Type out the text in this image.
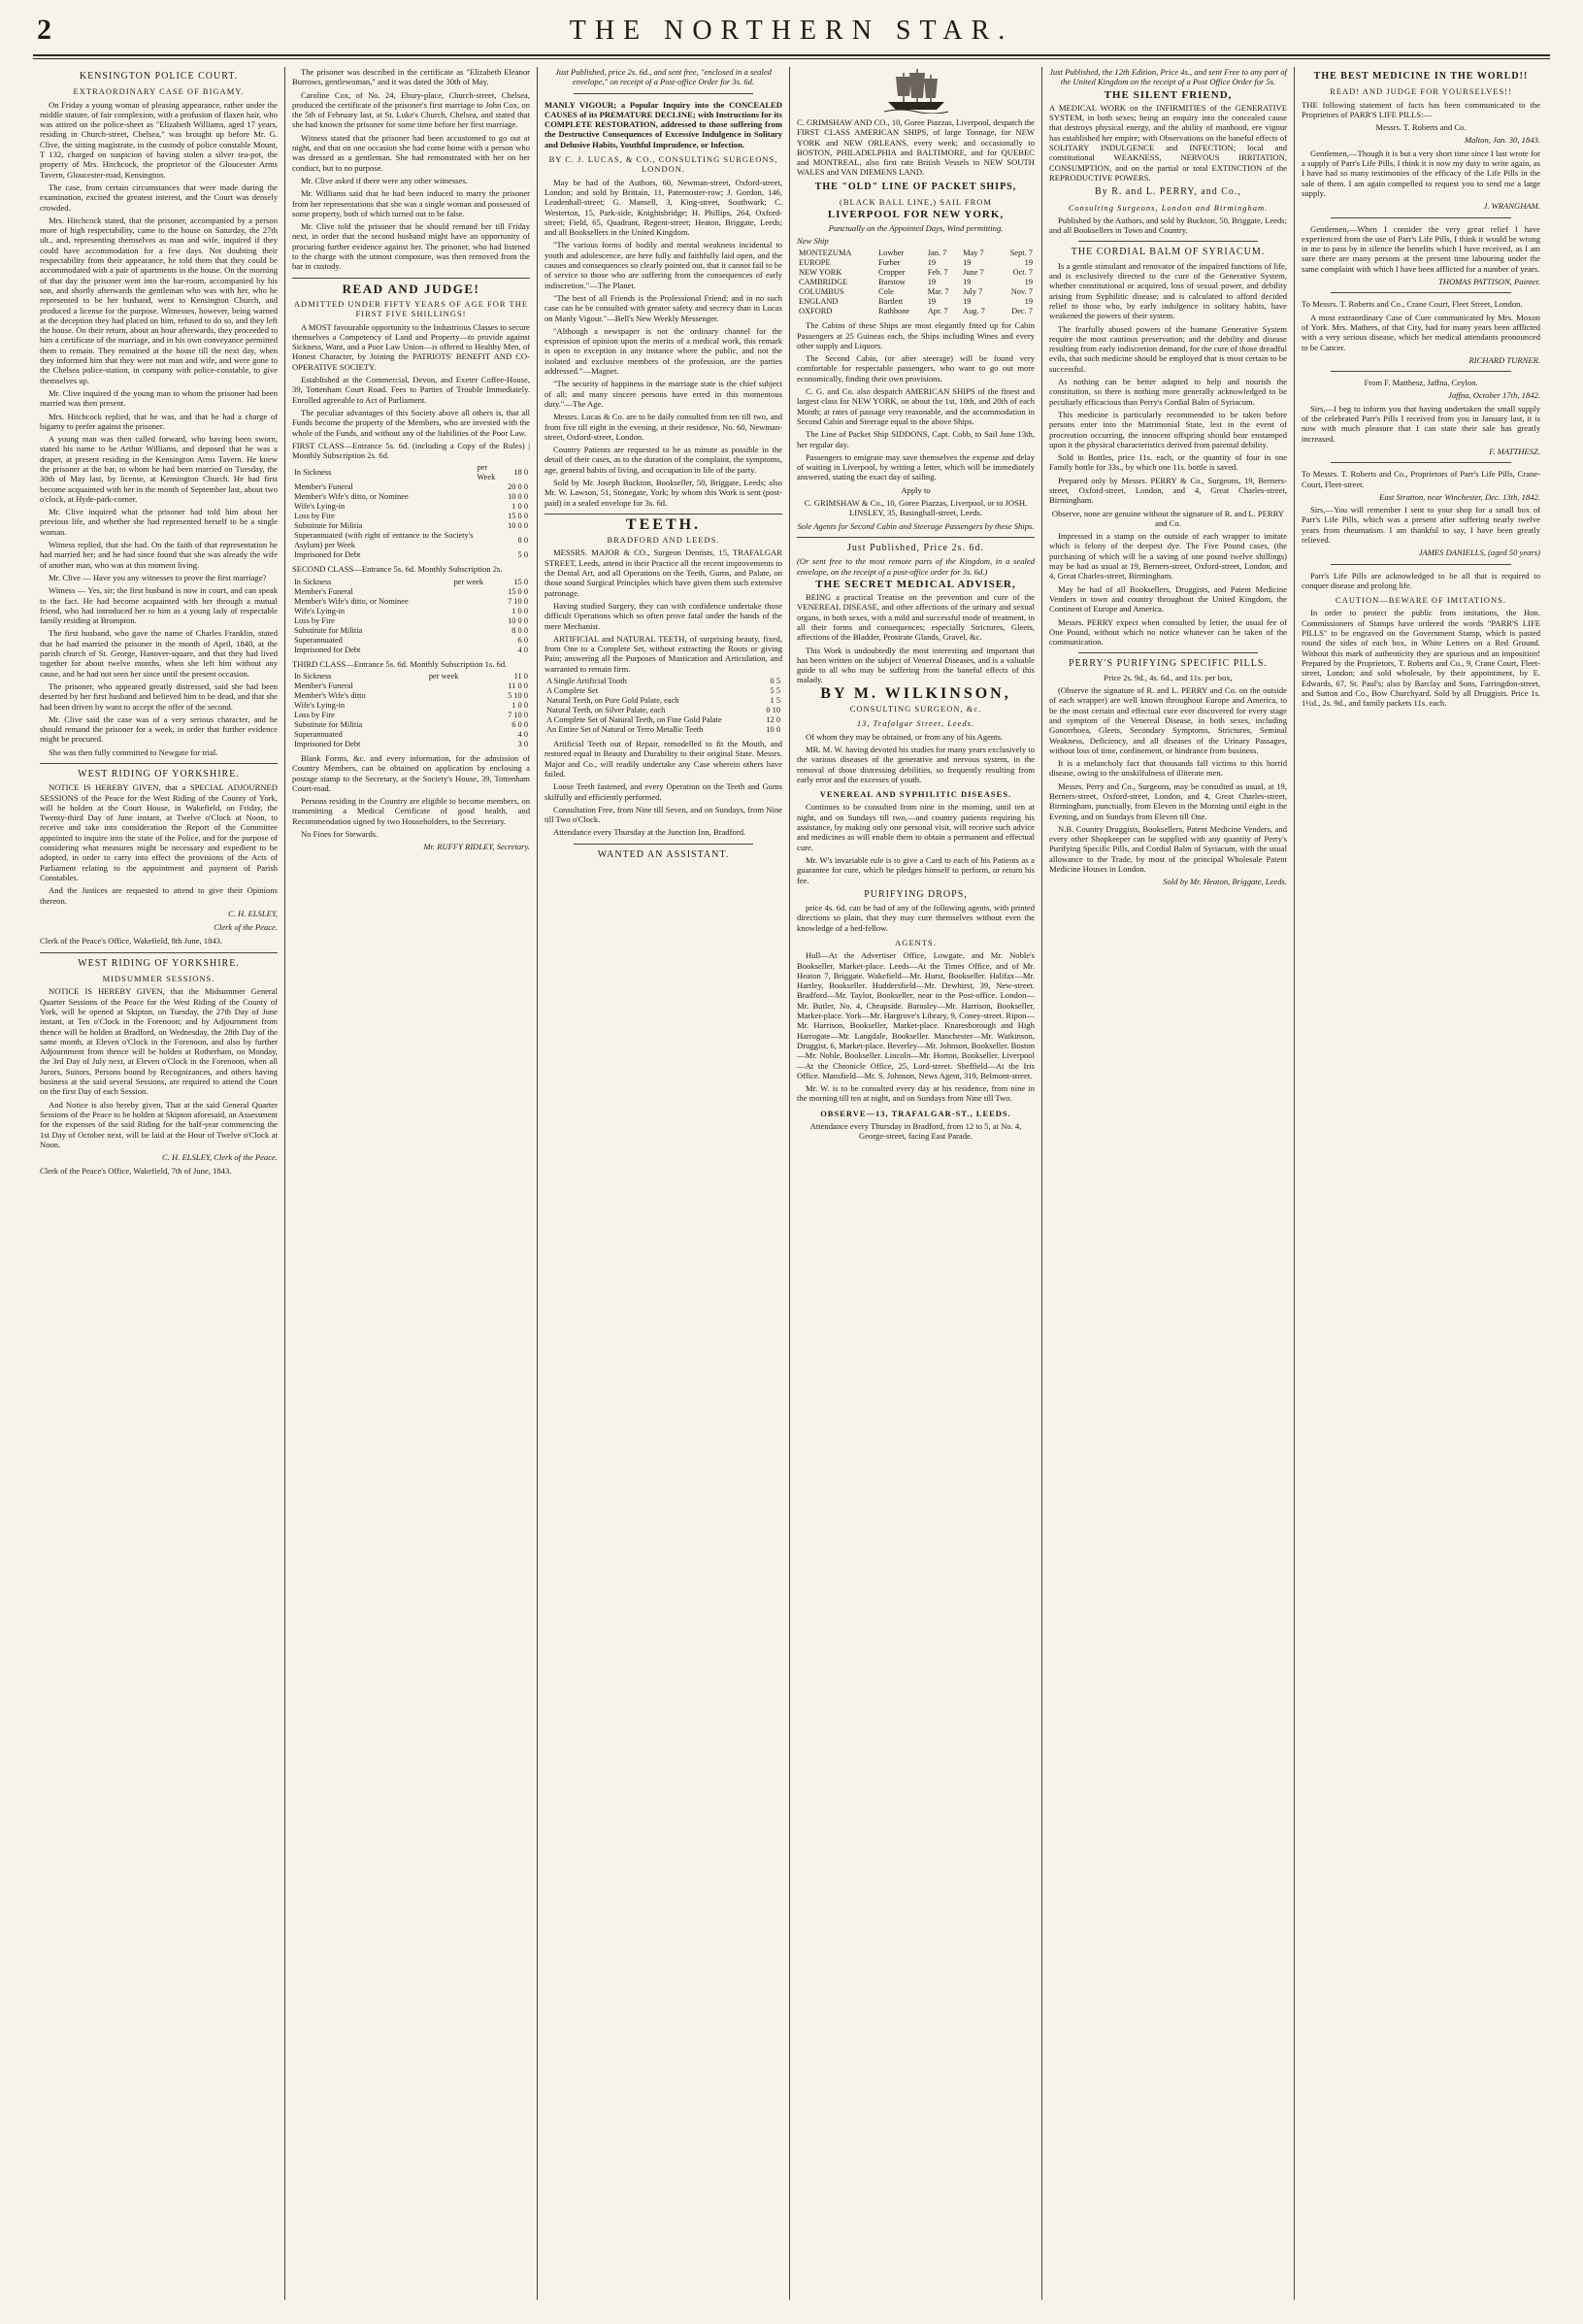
2	THE NORTHERN STAR.
KENSINGTON POLICE COURT.
EXTRAORDINARY CASE OF BIGAMY.

On Friday a young woman of pleasing appearance, rather under the middle stature, of fair complexion, with a profusion of flaxen hair, who was attired on the police-sheet as "Elizabeth Williams, aged 17 years, residing in Church-street, Chelsea," was brought up before Mr. G. Clive, the sitting magistrate, in the custody of police constable Mount, T 132, charged on suspicion of having stolen a silver tea-pot, the property of Mrs. Hitchcock, the proprietor of the Gloucester Arms Tavern, Gloucester-road, Kensington.

The case, from certain circumstances that were made during the examination, excited the greatest interest, and the Court was densely crowded.

Mrs. Hitchcock stated, that the prisoner, accompanied by a person more of high respectability, came to the house on Saturday, the 27th ult., and, representing themselves as man and wife, inquired if they could have accommodation for a few days. Not doubting their respectability from their appearance, he told them that they could be accommodated with a pair of apartments in the house. On the morning of that day the prisoner went into the bar-room, accompanied by his son, and shortly afterwards the gentleman who was with her, who he represented to be her husband, went to Kensington Church, and produced a license for the purpose. Witnesses, however, being warned at the deception they had placed on him, refused to do so, and they left the house. On their return, about an hour afterwards, they proceeded to him a certificate of the marriage, and in his own conveyance permitted them to remain. They remained at the house till the next day, when they informed him that they were not man and wife, and were gone to the Chelsea police-station, in company with police-constable, to give themselves up.

Mr. Clive inquired if the young man to whom the prisoner had been married was then present.

Mrs. Hitchcock replied, that he was, and that he had a charge of bigamy to prefer against the prisoner.

A young man was then called forward, who having been sworn, stated his name to be Arthur Williams, and deposed that he was a draper, at present residing in the Kensington Arms Tavern. He knew the prisoner at the bar, to whom he had been married on Tuesday, the 30th of May last, by license, at Kensington Church. He had first become acquainted with her in the month of September last, about two o'clock, at Hyde-park-corner.

Mr. Clive inquired what the prisoner had told him about her previous life, and whether she had represented herself to be a single woman.

Witness replied, that she had. On the faith of that representation he had married her; and he had since found that she was already the wife of another man, who was at this moment living.

Mr. Clive — Have you any witnesses to prove the first marriage?

Witness — Yes, sir; the first husband is now in court, and can speak to the fact. He had become acquainted with her through a mutual friend, who had introduced her to him as a young lady of respectable family residing at Brompton.

The first husband, who gave the name of Charles Franklin, stated that he had married the prisoner in the month of April, 1840, at the parish church of St. George, Hanover-square, and that they had lived together for about twelve months, when she left him without any cause, and he had not seen her since until the present occasion.

The prisoner, who appeared greatly distressed, said she had been deserted by her first husband and believed him to be dead, and that she had been driven by want to accept the offer of the second.

Mr. Clive said the case was of a very serious character, and he should remand the prisoner for a week, in order that further evidence might be procured.

She was then fully committed to Newgate for trial.

WEST RIDING OF YORKSHIRE.

NOTICE IS HEREBY GIVEN, that a SPECIAL ADJOURNED SESSIONS of the Peace for the West Riding of the County of York, will be holden at the Court House, in Wakefield, on Friday, the Twenty-third Day of June instant, at Twelve o'Clock at Noon, to receive and take into consideration the Report of the Committee appointed to inquire into the state of the Police, and for the purpose of considering what measures might be necessary and expedient to be adopted, in order to carry into effect the provisions of the Acts of Parliament relating to the appointment and payment of Parish Constables.

And the Justices are requested to attend to give their Opinions thereon.

C. H. ELSLEY,
Clerk of the Peace.

Clerk of the Peace's Office, Wakefield, 8th June, 1843.

WEST RIDING OF YORKSHIRE.
MIDSUMMER SESSIONS.

NOTICE IS HEREBY GIVEN, that the Midsummer General Quarter Sessions of the Peace for the West Riding of the County of York, will be opened at Skipton, on Tuesday, the 27th Day of June instant, at Ten o'Clock in the Forenoon; and by Adjournment from thence will be holden at Bradford, on Wednesday, the 28th Day of the same month, at Eleven o'Clock in the Forenoon, and also by further Adjournment from thence will be holden at Rotherham, on Monday, the 3rd Day of July next, at Eleven o'Clock in the Forenoon, when all Jurors, Suitors, Persons bound by Recognizances, and others having business at the said several Sessions, are required to attend the Court on the first Day of each Session.

And Notice is also hereby given, That at the said General Quarter Sessions of the Peace to be holden at Skipton aforesaid, an Assessment for the expenses of the said Riding for the half-year commencing the 1st Day of October next, will be laid at the Hour of Twelve o'Clock at Noon.

C. H. ELSLEY, Clerk of the Peace.

Clerk of the Peace's Office, Wakefield, 7th of June, 1843.

The prisoner was described in the certificate as "Elizabeth Eleanor Burrows, gentlewoman," and it was dated the 30th of May.

Caroline Cox, of No. 24, Ebury-place, Church-street, Chelsea, produced the certificate of the prisoner's first marriage to John Cox, on the 5th of February last, at St. Luke's Church, Chelsea, and stated that she had known the prisoner for some time before her first marriage.

Witness stated that the prisoner had been accustomed to go out at night, and that on one occasion she had come home with a person who was dressed as a gentleman. She had remonstrated with her on her conduct, but to no purpose.

Mr. Clive asked if there were any other witnesses.

Mr. Williams said that he had been induced to marry the prisoner from her representations that she was a single woman and possessed of some property, both of which turned out to be false.

Mr. Clive told the prisoner that he should remand her till Friday next, in order that the second husband might have an opportunity of procuring further evidence against her. The prisoner, who had listened to the charge with the utmost composure, was then removed from the bar in custody.

READ AND JUDGE!
ADMITTED UNDER FIFTY YEARS OF AGE FOR THE FIRST FIVE SHILLINGS!

A MOST favourable opportunity to the Industrious Classes to secure themselves a Competency of Land and Property—to provide against Sickness, Want, and a Poor Law Union—is offered to Healthy Men, of Honest Character, by Joining the PATRIOTS' BENEFIT AND CO-OPERATIVE SOCIETY.

Established at the Commercial, Devon, and Exeter Coffee-House, 39, Tottenham Court Road. Fees to Parties of Trouble Immediately. Enrolled agreeable to Act of Parliament.

The peculiar advantages of this Society above all others is, that all Funds become the property of the Members, who are invested with the whole of the Funds, and without any of the liabilities of the Poor Law.

FIRST CLASS—Entrance 5s. 6d. (including a Copy of the Rules) | Monthly Subscription 2s. 6d.

In Sickness	per Week	18 0
Member's Funeral		20 0 0
Member's Wife's ditto, or Nominee		10 0 0
Wife's Lying-in		1 0 0
Loss by Fire		15 0 0
Substitute for Militia		10 0 0
Superannuated (with right of entrance to the Society's Asylum) per Week		8 0
Imprisoned for Debt		5 0

SECOND CLASS—Entrance 5s. 6d. Monthly Subscription 2s.

In Sickness	per week	15 0
Member's Funeral		15 0 0
Member's Wife's ditto, or Nominee		7 10 0
Wife's Lying-in		1 0 0
Loss by Fire		10 0 0
Substitute for Militia		8 0 0
Superannuated		6 0
Imprisoned for Debt		4 0

THIRD CLASS—Entrance 5s. 6d. Monthly Subscription 1s. 6d.

In Sickness	per week	11 0
Member's Funeral		11 0 0
Member's Wife's ditto		5 10 0
Wife's Lying-in		1 0 0
Loss by Fire		7 10 0
Substitute for Militia		6 0 0
Superannuated		4 0
Imprisoned for Debt		3 0

Blank Forms, &c. and every information, for the admission of Country Members, can be obtained on application by enclosing a postage stamp to the Secretary, at the Society's House, 39, Tottenham Court-road.

Persons residing in the Country are eligible to become members, on transmitting a Medical Certificate of good health, and Recommendation signed by two Householders, to the Secretary.

No Fines for Stewards.

Mr. RUFFY RIDLEY, Secretary.

Just Published, price 2s. 6d., and sent free, "enclosed in a sealed envelope," on receipt of a Post-office Order for 3s. 6d.

MANLY VIGOUR; a Popular Inquiry into the CONCEALED CAUSES of its PREMATURE DECLINE; with Instructions for its COMPLETE RESTORATION, addressed to those suffering from the Destructive Consequences of Excessive Indulgence in Solitary and Delusive Habits, Youthful Imprudence, or Infection.

BY C. J. LUCAS, & CO., CONSULTING SURGEONS, LONDON.

May be had of the Authors, 60, Newman-street, Oxford-street, London; and sold by Brittain, 11, Paternoster-row; J. Gordon, 146, Leadenhall-street; G. Mansell, 3, King-street, Southwark; C. Westerton, 15, Park-side, Knightsbridge; H. Phillips, 264, Oxford-street; Field, 65, Quadrant, Regent-street; Heaton, Briggate, Leeds; and all Booksellers in the United Kingdom.

"The various forms of bodily and mental weakness incidental to youth and adolescence, are here fully and faithfully laid open, and the causes and consequences so clearly pointed out, that it cannot fail to be of service to those who are suffering from the consequences of early indiscretion."—The Planet.

"The best of all Friends is the Professional Friend; and in no such case can he be consulted with greater safety and secrecy than in Lucas on Manly Vigour."—Bell's New Weekly Messenger.

"Although a newspaper is not the ordinary channel for the expression of opinion upon the merits of a medical work, this remark is open to exception in any instance where the public, and not the isolated and exclusive members of the profession, are the parties addressed."—Magnet.

"The security of happiness in the marriage state is the chief subject of all; and many sincere persons have erred in this momentous duty."—The Age.

Messrs. Lucas & Co. are to be daily consulted from ten till two, and from five till eight in the evening, at their residence, No. 60, Newman-street, Oxford-street, London.

Country Patients are requested to be as minute as possible in the detail of their cases, as to the duration of the complaint, the symptoms, age, general habits of living, and occupation in life of the party.

Sold by Mr. Joseph Buckton, Bookseller, 50, Briggate, Leeds; also Mr. W. Lawson, 51, Stonegate, York; by whom this Work is sent (post-paid) in a sealed envelope for 3s. 6d.

TEETH.
BRADFORD AND LEEDS.

MESSRS. MAJOR & CO., Surgeon Dentists, 15, TRAFALGAR STREET, Leeds, attend in their Practice all the recent improvements to the Dental Art, and all Operations on the Teeth, Gums, and Palate, on those sound Surgical Principles which have given them such extensive patronage.

Having studied Surgery, they can with confidence undertake those difficult Operations which so often prove fatal under the hands of the mere Mechanist.

ARTIFICIAL and NATURAL TEETH, of surprising beauty, fixed, from One to a Complete Set, without extracting the Roots or giving Pain; answering all the Purposes of Mastication and Articulation, and warranted to remain firm.

A Single Artificial Tooth	0 5
A Complete Set	5 5
Natural Teeth, on Pure Gold Palate, each	1 5
Natural Teeth, on Silver Palate, each	0 10
A Complete Set of Natural Teeth, on Fine Gold Palate	12 0
An Entire Set of Natural or Terro Metallic Teeth	10 0

Artificial Teeth out of Repair, remodelled to fit the Mouth, and restored equal in Beauty and Durability to their original State. Messrs. Major and Co., will readily undertake any Case wherein others have failed.

Loose Teeth fastened, and every Operation on the Teeth and Gums skilfully and efficiently performed.

Consultation Free, from Nine till Seven, and on Sundays, from Nine till Two o'Clock.

Attendance every Thursday at the Junction Inn, Bradford.

WANTED AN ASSISTANT.

C. GRIMSHAW AND CO., 10, Goree Piazzas, Liverpool, despatch the FIRST CLASS AMERICAN SHIPS, of large Tonnage, for NEW YORK and NEW ORLEANS, every week; and occasionally to BOSTON, PHILADELPHIA and BALTIMORE, and for QUEBEC and MONTREAL, also first rate British Vessels to NEW SOUTH WALES and VAN DIEMENS LAND.

THE "OLD" LINE OF PACKET SHIPS,
(BLACK BALL LINE,) SAIL FROM
LIVERPOOL FOR NEW YORK,

Punctually on the Appointed Days, Wind permitting.

New Ship

MONTEZUMA	Lowber	Jan. 7	May 7	Sept. 7
EUROPE	Furber	19	19	19
NEW YORK	Cropper	Feb. 7	June 7	Oct. 7
CAMBRIDGE	Barstow	19	19	19
COLUMBUS	Cole	Mar. 7	July 7	Nov. 7
ENGLAND	Bartlett	19	19	19
OXFORD	Rathbone	Apr. 7	Aug. 7	Dec. 7

The Cabins of these Ships are most elegantly fitted up for Cabin Passengers at 25 Guineas each, the Ships including Wines and every other supply and Liquors.

The Second Cabin, (or after steerage) will be found very comfortable for respectable passengers, who want to go out more economically, finding their own provisions.

C. G. and Co. also despatch AMERICAN SHIPS of the finest and largest class for NEW YORK, on about the 1st, 10th, and 20th of each Month; at rates of passage very reasonable, and the accommodation in Second Cabin and Steerage equal to the above Ships.

The Line of Packet Ship SIDDONS, Capt. Cobb, to Sail June 13th, her regular day.

Passengers to emigrate may save themselves the expense and delay of waiting in Liverpool, by writing a letter, which will be immediately answered, stating the exact day of sailing.

Apply to

C. GRIMSHAW & Co., 10, Goree Piazzas, Liverpool, or to JOSH. LINSLEY, 35, Basinghall-street, Leeds.

Sole Agents for Second Cabin and Steerage Passengers by these Ships.

Just Published, Price 2s. 6d.

(Or sent free to the most remote parts of the Kingdom, in a sealed envelope, on the receipt of a post-office order for 3s. 6d.)

THE SECRET MEDICAL ADVISER,

BEING a practical Treatise on the prevention and cure of the VENEREAL DISEASE, and other affections of the urinary and sexual organs, in both sexes, with a mild and successful mode of treatment, in all their forms and consequences; especially Strictures, Gleets, affections of the Bladder, Prostrate Glands, Gravel, &c.

This Work is undoubtedly the most interesting and important that has been written on the subject of Venereal Diseases, and is a valuable guide to all who may be suffering from the baneful effects of this malady.

BY M. WILKINSON,
CONSULTING SURGEON, &c.
13, Trafalgar Street, Leeds.

Of whom they may be obtained, or from any of his Agents.

MR. M. W. having devoted his studies for many years exclusively to the various diseases of the generative and nervous system, in the removal of those distressing debilities, so frequently resulting from early error and the excesses of youth.

VENEREAL AND SYPHILITIC DISEASES.

Continues to be consulted from nine in the morning, until ten at night, and on Sundays till two,—and country patients requiring his assistance, by making only one personal visit, will receive such advice and medicines as will enable them to obtain a permanent and effectual cure.

Mr. W's invariable rule is to give a Card to each of his Patients as a guarantee for cure, which he pledges himself to perform, or return his fee.

PURIFYING DROPS,

price 4s. 6d. can be had of any of the following agents, with printed directions so plain, that they may cure themselves without even the knowledge of a bed-fellow.

AGENTS.

Hull—At the Advertiser Office, Lowgate, and Mr. Noble's Bookseller, Market-place. Leeds—At the Times Office, and of Mr. Heaton 7, Briggate. Wakefield—Mr. Hurst, Bookseller. Halifax—Mr. Hartley, Bookseller. Huddersfield—Mr. Dewhirst, 39, New-street. Bradford—Mr. Taylor, Bookseller, near to the Post-office. London—Mr. Butler, No. 4, Cheapside. Barnsley—Mr. Harrison, Bookseller, Market-place. York—Mr. Hargrove's Library, 9, Coney-street. Ripon—Mr. Harrison, Bookseller, Market-place. Knaresborough and High Harrogate—Mr. Langdale, Bookseller. Manchester—Mr. Watkinson, Druggist, 6, Market-place. Beverley—Mr. Johnson, Bookseller. Boston—Mr. Noble, Bookseller. Lincoln—Mr. Horton, Bookseller. Liverpool—At the Chronicle Office, 25, Lord-street. Sheffield—At the Iris Office. Mansfield—Mr. S. Johnson, News Agent, 319, Belmont-street.

Mr. W. is to be consulted every day at his residence, from nine in the morning till ten at night, and on Sundays from Nine till Two.

OBSERVE—13, TRAFALGAR-ST., LEEDS.

Attendance every Thursday in Bradford, from 12 to 5, at No. 4, George-street, facing East Parade.

Just Published, the 12th Edition, Price 4s., and sent Free to any part of the United Kingdom on the receipt of a Post Office Order for 5s.

THE SILENT FRIEND,

A MEDICAL WORK on the INFIRMITIES of the GENERATIVE SYSTEM, in both sexes; being an enquiry into the concealed cause that destroys physical energy, and the ability of manhood, ere vigour has established her empire; with Observations on the baneful effects of SOLITARY INDULGENCE and INFECTION; local and constitutional WEAKNESS, NERVOUS IRRITATION, CONSUMPTION, and on the partial or total EXTINCTION of the REPRODUCTIVE POWERS.

By R. and L. PERRY, and Co.,
Consulting Surgeons, London and Birmingham.

Published by the Authors, and sold by Buckton, 50, Briggate, Leeds; and all Booksellers in Town and Country.

THE CORDIAL BALM OF SYRIACUM.

Is a gentle stimulant and renovator of the impaired functions of life, and is exclusively directed to the cure of the Generative System, whether constitutional or acquired, loss of sexual power, and debility arising from Syphilitic disease; and is calculated to afford decided relief to those who, by early indulgence in solitary habits, have weakened the powers of their system.

The fearfully abused powers of the humane Generative System require the most cautious preservation; and the debility and disease resulting from early indiscretion demand, for the cure of those dreadful evils, that such medicine should be employed that is most certain to be successful.

As nothing can be better adapted to help and nourish the constitution, so there is nothing more generally acknowledged to be peculiarly efficacious than Perry's Cordial Balm of Syriacum.

This medicine is particularly recommended to be taken before persons enter into the Matrimonial State, lest in the event of procreation occurring, the innocent offspring should bear enstamped upon it the physical characteristics derived from parental debility.

Sold in Bottles, price 11s. each, or the quantity of four in one Family bottle for 33s., by which one 11s. bottle is saved.

Prepared only by Messrs. PERRY & Co., Surgeons, 19, Berners-street, Oxford-street, London, and 4, Great Charles-street, Birmingham.

Observe, none are genuine without the signature of R. and L. PERRY and Co.

Impressed in a stamp on the outside of each wrapper to imitate which is felony of the deepest dye. The Five Pound cases, (the purchasing of which will be a saving of one pound twelve shillings) may be had as usual at 19, Berners-street, Oxford-street, London, and 4, Great Charles-street, Birmingham.

May be had of all Booksellers, Druggists, and Patent Medicine Venders in town and country throughout the United Kingdom, the Continent of Europe and America.

Messrs. PERRY expect when consulted by letter, the usual fee of One Pound, without which no notice whatever can be taken of the communication.

PERRY'S PURIFYING SPECIFIC PILLS.

Price 2s. 9d., 4s. 6d., and 11s. per box,

(Observe the signature of R. and L. PERRY and Co. on the outside of each wrapper) are well known throughout Europe and America, to be the most certain and effectual cure ever discovered for every stage and symptom of the Venereal Disease, in both sexes, including Gonorrhoea, Gleets, Secondary Symptoms, Strictures, Seminal Weakness, Deficiency, and all diseases of the Urinary Passages, without loss of time, confinement, or hindrance from business.

It is a melancholy fact that thousands fall victims to this horrid disease, owing to the unskilfulness of illiterate men.

Messrs. Perry and Co., Surgeons, may be consulted as usual, at 19, Berners-street, Oxford-street, London, and 4, Great Charles-street, Birmingham, punctually, from Eleven in the Morning until eight in the Evening, and on Sundays from Eleven till One.

N.B. Country Druggists, Booksellers, Patent Medicine Venders, and every other Shopkeeper can be supplied with any quantity of Perry's Purifying Specific Pills, and Cordial Balm of Syriacum, with the usual allowance to the Trade, by most of the principal Wholesale Patent Medicine Houses in London.

Sold by Mr. Heaton, Briggate, Leeds.

THE BEST MEDICINE IN THE WORLD!!
READ! AND JUDGE FOR YOURSELVES!!

THE following statement of facts has been communicated to the Proprietors of PARR'S LIFE PILLS:—

Messrs. T. Roberts and Co.

Malton, Jan. 30, 1843.

Gentlemen,—Though it is but a very short time since I last wrote for a supply of Parr's Life Pills, I think it is now my duty to write again, as I have had so many testimonies of the efficacy of the Life Pills in the sale of them. I am again compelled to request you to send me a large supply.

J. WRANGHAM.

Gentlemen,—When I consider the very great relief I have experienced from the use of Parr's Life Pills, I think it would be wrong in me to pass by in silence the benefits which I have received, as I am sure there are many persons at the present time labouring under the same complaint with which I have been afflicted for a number of years.

THOMAS PATTISON, Painter.

To Messrs. T. Roberts and Co., Crane Court, Fleet Street, London.

A most extraordinary Case of Cure communicated by Mrs. Moxon of York. Mrs. Mathers, of that City, had for many years been afflicted with a very serious disease, which her medical attendants pronounced to be Cancer.

RICHARD TURNER.

From F. Matthesz, Jaffna, Ceylon.

Jaffna, October 17th, 1842.

Sirs,—I beg to inform you that having undertaken the small supply of the celebrated Parr's Pills I received from you in January last, it is now with much pleasure that I can state their sale has greatly increased.

F. MATTHESZ.

To Messrs. T. Roberts and Co., Proprietors of Parr's Life Pills, Crane-Court, Fleet-street.

East Stratton, near Winchester, Dec. 13th, 1842.

Sirs,—You will remember I sent to your shop for a small box of Parr's Life Pills, which was a present after suffering nearly twelve years from rheumatism. I am thankful to say, I have been greatly relieved.

JAMES DANIELLS, (aged 50 years)

Parr's Life Pills are acknowledged to be all that is required to conquer disease and prolong life.

CAUTION—BEWARE OF IMITATIONS.

In order to protect the public from imitations, the Hon. Commissioners of Stamps have ordered the words "PARR'S LIFE PILLS" to be engraved on the Government Stamp, which is pasted round the sides of each box, in White Letters on a Red Ground. Without this mark of authenticity they are spurious and an imposition! Prepared by the Proprietors, T. Roberts and Co., 9, Crane Court, Fleet-street, London; and sold wholesale, by their appointment, by E. Edwards, 67, St. Paul's; also by Barclay and Sons, Farringdon-street, and Sutton and Co., Bow Churchyard. Sold by all Druggists. Price 1s. 1½d., 2s. 9d., and family packets 11s. each.
